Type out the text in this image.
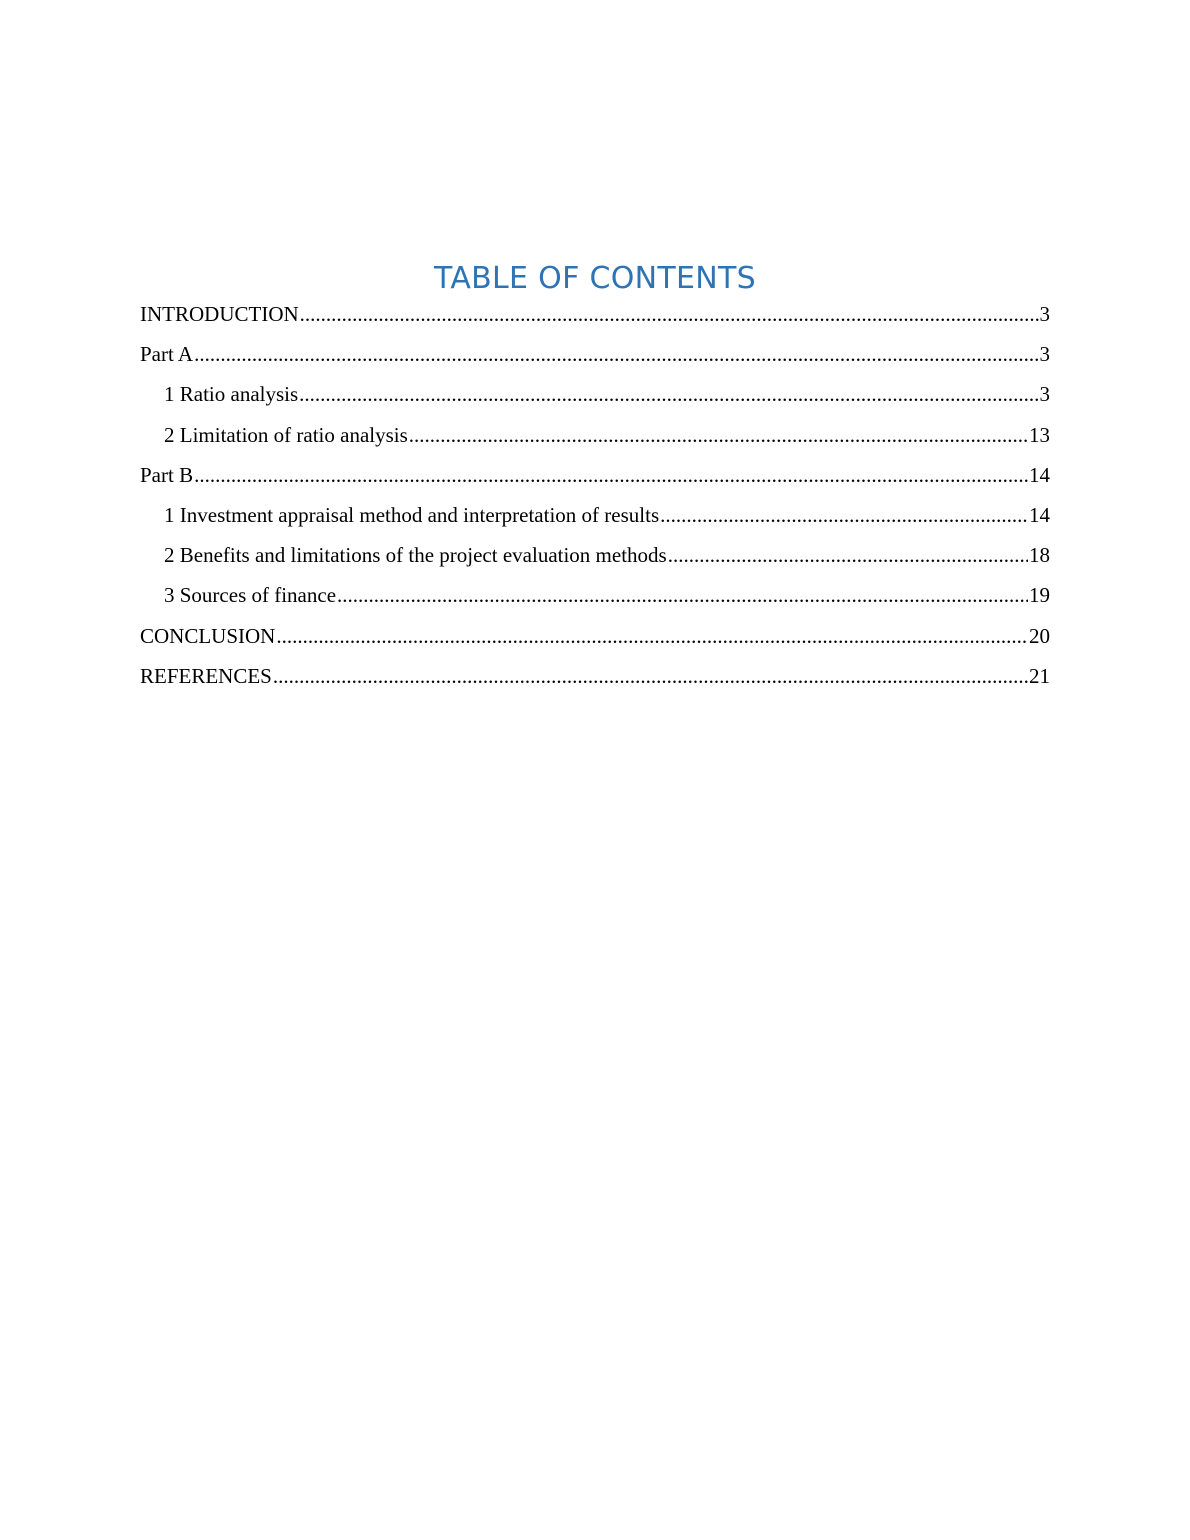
TABLE OF CONTENTS
INTRODUCTION .....	3
Part A .....	3
1 Ratio analysis .....	3
2 Limitation of ratio analysis .....	13
Part B .....	14
1 Investment appraisal method and interpretation of results .....	14
2 Benefits and limitations of the project evaluation methods .....	18
3 Sources of finance .....	19
CONCLUSION .....	20
REFERENCES .....	21
